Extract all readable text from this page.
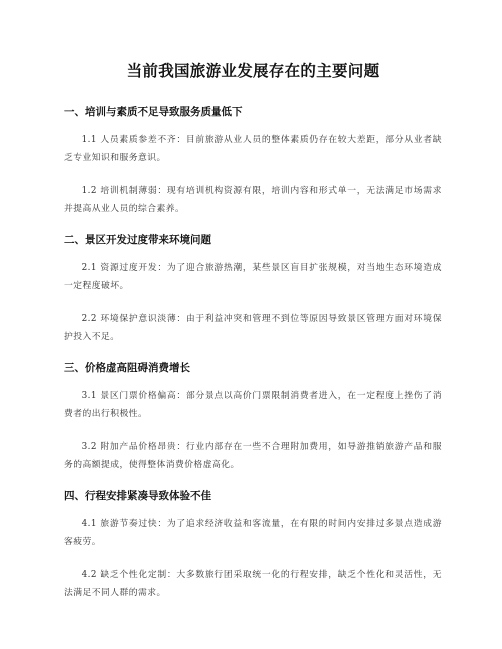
当前我国旅游业发展存在的主要问题
一、培训与素质不足导致服务质量低下

1.1 人员素质参差不齐：目前旅游从业人员的整体素质仍存在较大差距，部分从业者缺乏专业知识和服务意识。

1.2 培训机制薄弱：现有培训机构资源有限，培训内容和形式单一，无法满足市场需求并提高从业人员的综合素养。

二、景区开发过度带来环境问题

2.1 资源过度开发：为了迎合旅游热潮，某些景区盲目扩张规模，对当地生态环境造成一定程度破坏。

2.2 环境保护意识淡薄：由于利益冲突和管理不到位等原因导致景区管理方面对环境保护投入不足。

三、价格虚高阻碍消费增长

3.1 景区门票价格偏高：部分景点以高价门票限制消费者进入，在一定程度上挫伤了消费者的出行积极性。

3.2 附加产品价格昂贵：行业内部存在一些不合理附加费用，如导游推销旅游产品和服务的高额提成，使得整体消费价格虚高化。

四、行程安排紧凑导致体验不佳

4.1 旅游节奏过快：为了追求经济收益和客流量，在有限的时间内安排过多景点造成游客疲劳。

4.2 缺乏个性化定制：大多数旅行团采取统一化的行程安排，缺乏个性化和灵活性，无法满足不同人群的需求。
